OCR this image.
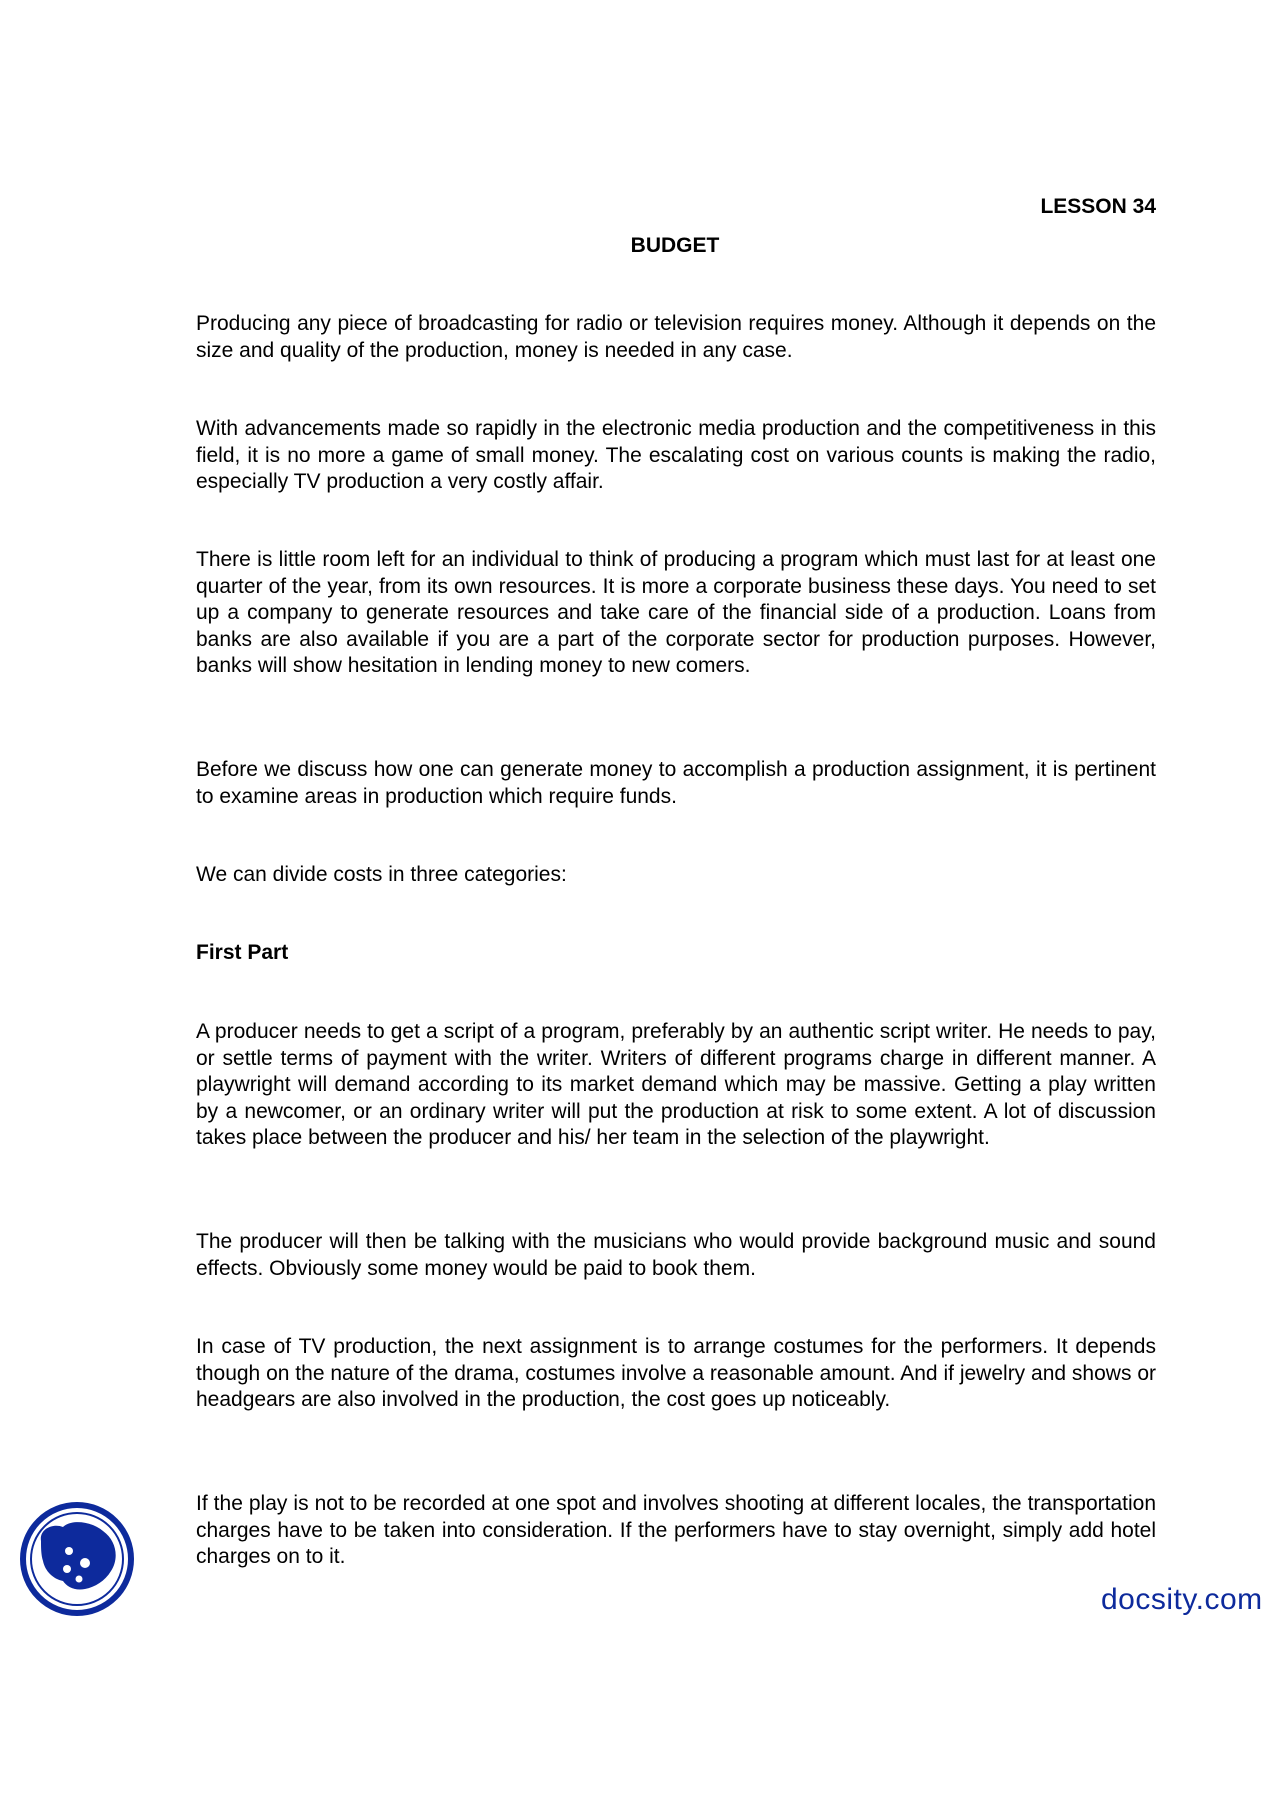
LESSON 34
BUDGET

Producing any piece of broadcasting for radio or television requires money. Although it depends on the size and quality of the production, money is needed in any case.

With advancements made so rapidly in the electronic media production and the competitiveness in this field, it is no more a game of small money. The escalating cost on various counts is making the radio, especially TV production a very costly affair.

There is little room left for an individual to think of producing a program which must last for at least one quarter of the year, from its own resources. It is more a corporate business these days. You need to set up a company to generate resources and take care of the financial side of a production. Loans from banks are also available if you are a part of the corporate sector for production purposes. However, banks will show hesitation in lending money to new comers.

Before we discuss how one can generate money to accomplish a production assignment, it is pertinent to examine areas in production which require funds.

We can divide costs in three categories:

First Part

A producer needs to get a script of a program, preferably by an authentic script writer. He needs to pay, or settle terms of payment with the writer. Writers of different programs charge in different manner. A playwright will demand according to its market demand which may be massive. Getting a play written by a newcomer, or an ordinary writer will put the production at risk to some extent. A lot of discussion takes place between the producer and his/ her team in the selection of the playwright.

The producer will then be talking with the musicians who would provide background music and sound effects. Obviously some money would be paid to book them.

In case of TV production, the next assignment is to arrange costumes for the performers. It depends though on the nature of the drama, costumes involve a reasonable amount. And if jewelry and shows or headgears are also involved in the production, the cost goes up noticeably.

If the play is not to be recorded at one spot and involves shooting at different locales, the transportation charges have to be taken into consideration. If the performers have to stay overnight, simply add hotel charges on to it.

docsity.com
